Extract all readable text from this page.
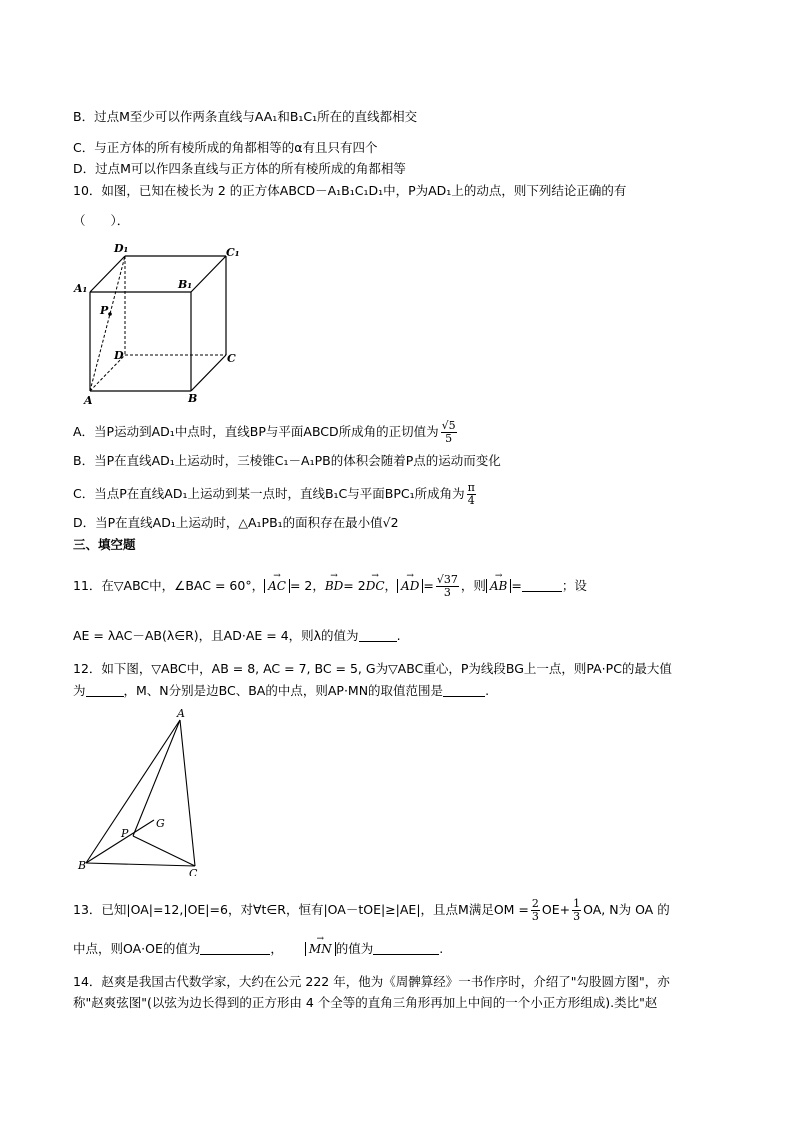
B．过点M至少可以作两条直线与AA₁和B₁C₁所在的直线都相交
C．与正方体的所有棱所成的角都相等的α有且只有四个
D．过点M可以作四条直线与正方体的所有棱所成的角都相等
10．如图，已知在棱长为 2 的正方体ABCD－A₁B₁C₁D₁中，P为AD₁上的动点，则下列结论正确的有
（　　）．
D₁	C₁
A₁	B₁
P
D	C
A	B
A．当P运动到AD₁中点时，直线BP与平面ABCD所成角的正切值为 $\frac{√5}{5}$
B．当P在直线AD₁上运动时，三棱锥C₁－A₁PB的体积会随着P点的运动而变化
C．当点P在直线AD₁上运动到某一点时，直线B₁C与平面BPC₁所成角为 $\frac{\pi}{4}$
D．当P在直线AD₁上运动时，△A₁PB₁的面积存在最小值√2
三、填空题
11．在▽ABC中，∠BAC = 60°， → AC = 2，→ BD= 2→ DC， → AD = $\frac{√37}{3}$ ，则 → AB =	；设
AE = λAC－AB(λ∈R)，且AD·AE = 4，则λ的值为	.
12．如下图，▽ABC中，AB = 8, AC = 7, BC = 5, G为▽ABC重心，P为线段BG上一点，则PA·PC的最大值
为	，M、N分别是边BC、BA的中点，则AP·MN的取值范围是	.
A
G
P
B
C
13．已知|OA|=12,|OE|=6，对∀t∈R，恒有|OA－tOE|≥|AE|，且点M满足OM = $\frac{2}{3} OE+ \frac{1}{3}$ OA, N为 OA 的
中点，则OA·OE的值为	， → MN 的值为	.
14．赵爽是我国古代数学家，大约在公元 222 年，他为《周髀算经》一书作序时，介绍了"勾股圆方图"，亦
称"赵爽弦图"(以弦为边长得到的正方形由 4 个全等的直角三角形再加上中间的一个小正方形组成).类比"赵
